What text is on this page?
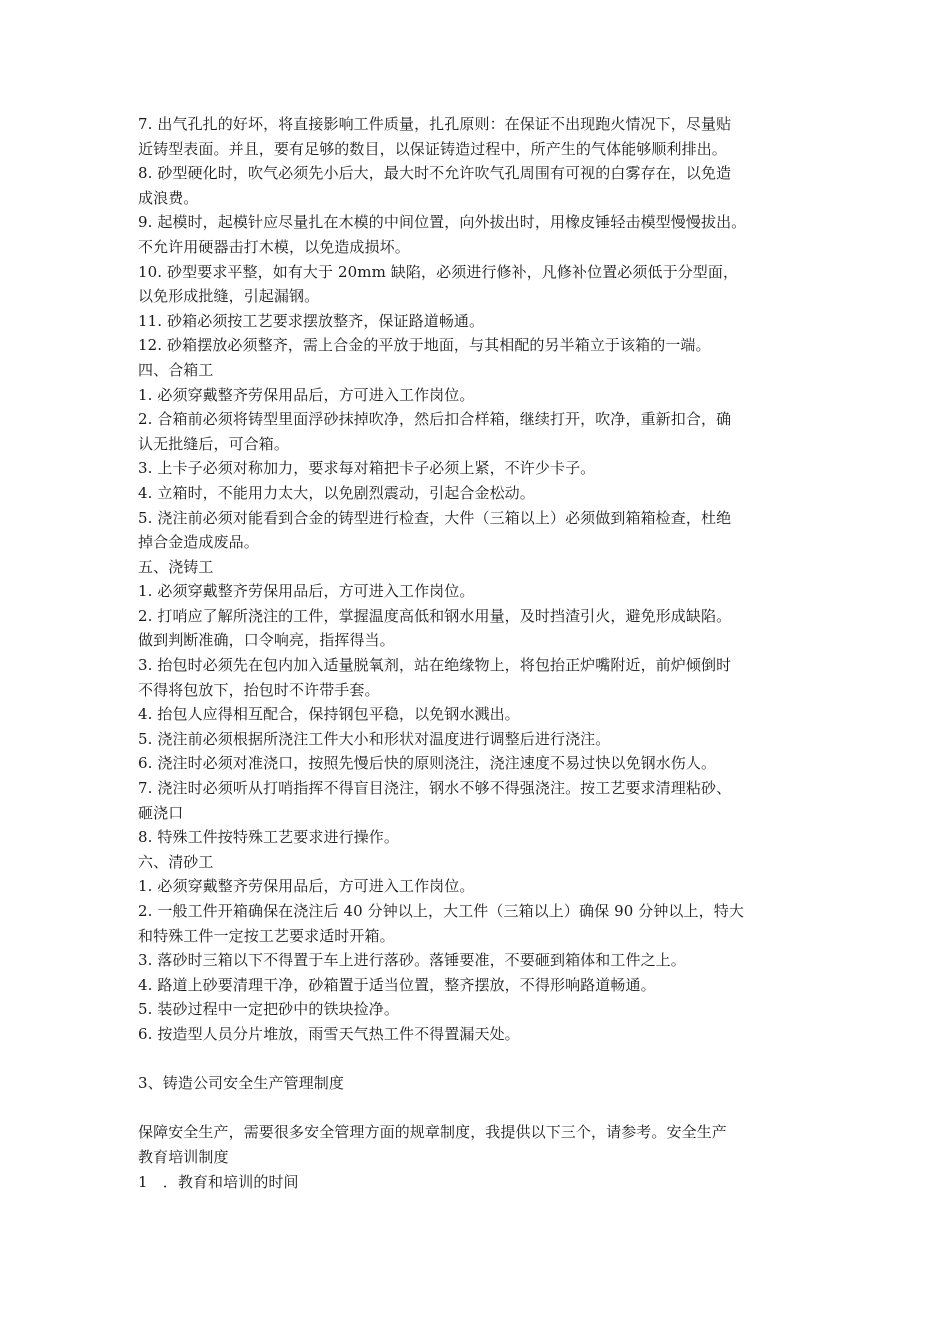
7. 出气孔扎的好坏，将直接影响工件质量，扎孔原则：在保证不出现跑火情况下，尽量贴
近铸型表面。并且，要有足够的数目，以保证铸造过程中，所产生的气体能够顺利排出。
8. 砂型硬化时，吹气必须先小后大，最大时不允许吹气孔周围有可视的白雾存在，以免造
成浪费。
9. 起模时，起模针应尽量扎在木模的中间位置，向外拔出时，用橡皮锤轻击模型慢慢拔出。
不允许用硬器击打木模，以免造成损坏。
10. 砂型要求平整，如有大于 20mm 缺陷，必须进行修补，凡修补位置必须低于分型面，
以免形成批缝，引起漏钢。
11. 砂箱必须按工艺要求摆放整齐，保证路道畅通。
12. 砂箱摆放必须整齐，需上合金的平放于地面，与其相配的另半箱立于该箱的一端。
四、合箱工
1. 必须穿戴整齐劳保用品后，方可进入工作岗位。
2. 合箱前必须将铸型里面浮砂抹掉吹净，然后扣合样箱，继续打开，吹净，重新扣合，确
认无批缝后，可合箱。
3. 上卡子必须对称加力，要求每对箱把卡子必须上紧，不许少卡子。
4. 立箱时，不能用力太大，以免剧烈震动，引起合金松动。
5. 浇注前必须对能看到合金的铸型进行检查，大件（三箱以上）必须做到箱箱检查，杜绝
掉合金造成废品。
五、浇铸工
1. 必须穿戴整齐劳保用品后，方可进入工作岗位。
2. 打哨应了解所浇注的工件，掌握温度高低和钢水用量，及时挡渣引火，避免形成缺陷。
做到判断准确，口令响亮，指挥得当。
3. 抬包时必须先在包内加入适量脱氧剂，站在绝缘物上，将包抬正炉嘴附近，前炉倾倒时
不得将包放下，抬包时不许带手套。
4. 抬包人应得相互配合，保持钢包平稳，以免钢水溅出。
5. 浇注前必须根据所浇注工件大小和形状对温度进行调整后进行浇注。
6. 浇注时必须对准浇口，按照先慢后快的原则浇注，浇注速度不易过快以免钢水伤人。
7. 浇注时必须听从打哨指挥不得盲目浇注，钢水不够不得强浇注。按工艺要求清理粘砂、
砸浇口
8. 特殊工件按特殊工艺要求进行操作。
六、清砂工
1. 必须穿戴整齐劳保用品后，方可进入工作岗位。
2. 一般工件开箱确保在浇注后 40 分钟以上，大工件（三箱以上）确保 90 分钟以上，特大
和特殊工件一定按工艺要求适时开箱。
3. 落砂时三箱以下不得置于车上进行落砂。落锤要准，不要砸到箱体和工件之上。
4. 路道上砂要清理干净，砂箱置于适当位置，整齐摆放，不得形响路道畅通。
5. 装砂过程中一定把砂中的铁块捡净。
6. 按造型人员分片堆放，雨雪天气热工件不得置漏天处。
3、铸造公司安全生产管理制度
保障安全生产，需要很多安全管理方面的规章制度，我提供以下三个，请参考。安全生产
教育培训制度
1　．教育和培训的时间
